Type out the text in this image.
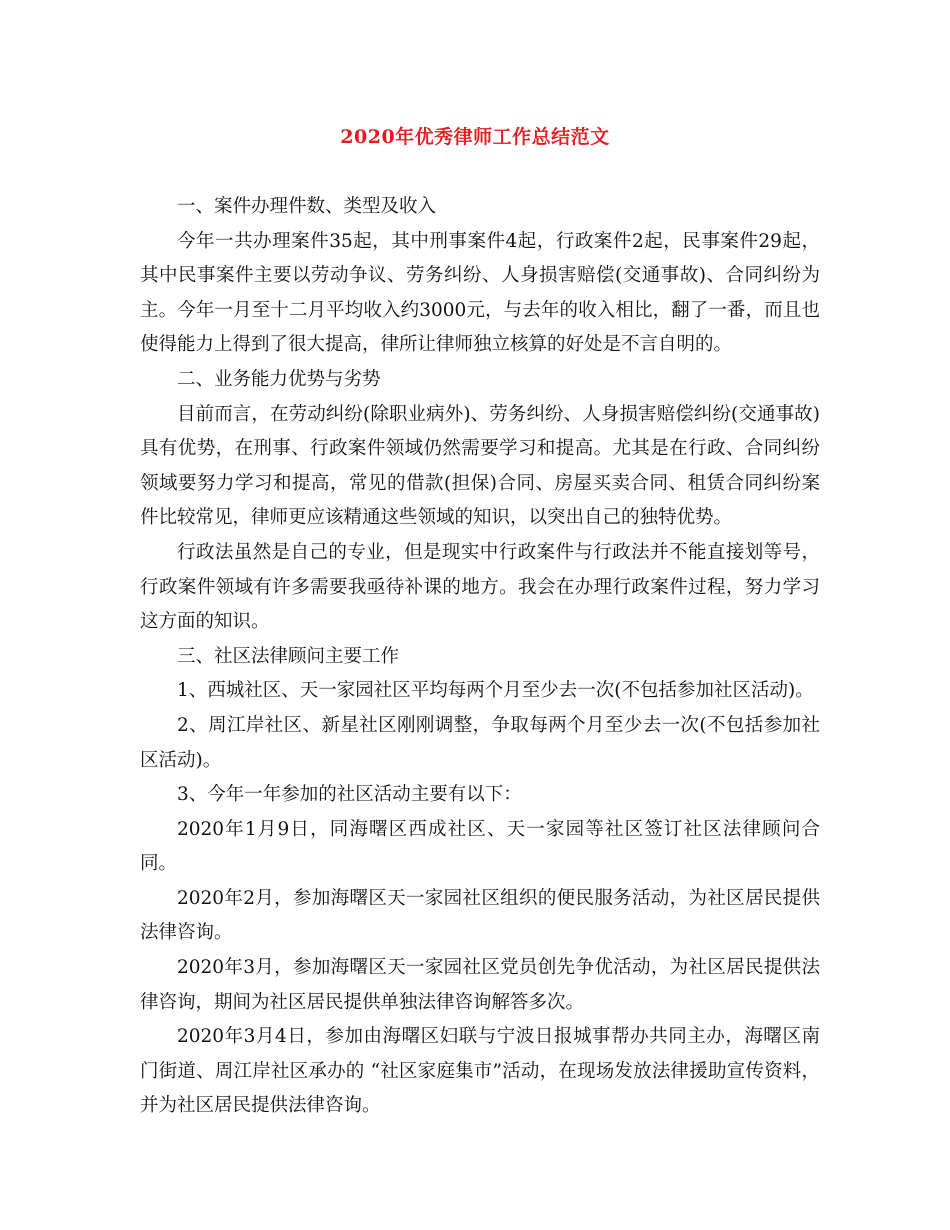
2020年优秀律师工作总结范文

一、案件办理件数、类型及收入

今年一共办理案件35起，其中刑事案件4起，行政案件2起，民事案件29起，其中民事案件主要以劳动争议、劳务纠纷、人身损害赔偿(交通事故)、合同纠纷为主。今年一月至十二月平均收入约3000元，与去年的收入相比，翻了一番，而且也使得能力上得到了很大提高，律所让律师独立核算的好处是不言自明的。

二、业务能力优势与劣势

目前而言，在劳动纠纷(除职业病外)、劳务纠纷、人身损害赔偿纠纷(交通事故)具有优势，在刑事、行政案件领域仍然需要学习和提高。尤其是在行政、合同纠纷领域要努力学习和提高，常见的借款(担保)合同、房屋买卖合同、租赁合同纠纷案件比较常见，律师更应该精通这些领域的知识，以突出自己的独特优势。

行政法虽然是自己的专业，但是现实中行政案件与行政法并不能直接划等号，行政案件领域有许多需要我亟待补课的地方。我会在办理行政案件过程，努力学习这方面的知识。

三、社区法律顾问主要工作

1、西城社区、天一家园社区平均每两个月至少去一次(不包括参加社区活动)。

2、周江岸社区、新星社区刚刚调整，争取每两个月至少去一次(不包括参加社区活动)。

3、今年一年参加的社区活动主要有以下：

2020年1月9日，同海曙区西成社区、天一家园等社区签订社区法律顾问合同。

2020年2月，参加海曙区天一家园社区组织的便民服务活动，为社区居民提供法律咨询。

2020年3月，参加海曙区天一家园社区党员创先争优活动，为社区居民提供法律咨询，期间为社区居民提供单独法律咨询解答多次。

2020年3月4日，参加由海曙区妇联与宁波日报城事帮办共同主办，海曙区南门街道、周江岸社区承办的 “社区家庭集市”活动，在现场发放法律援助宣传资料，并为社区居民提供法律咨询。
